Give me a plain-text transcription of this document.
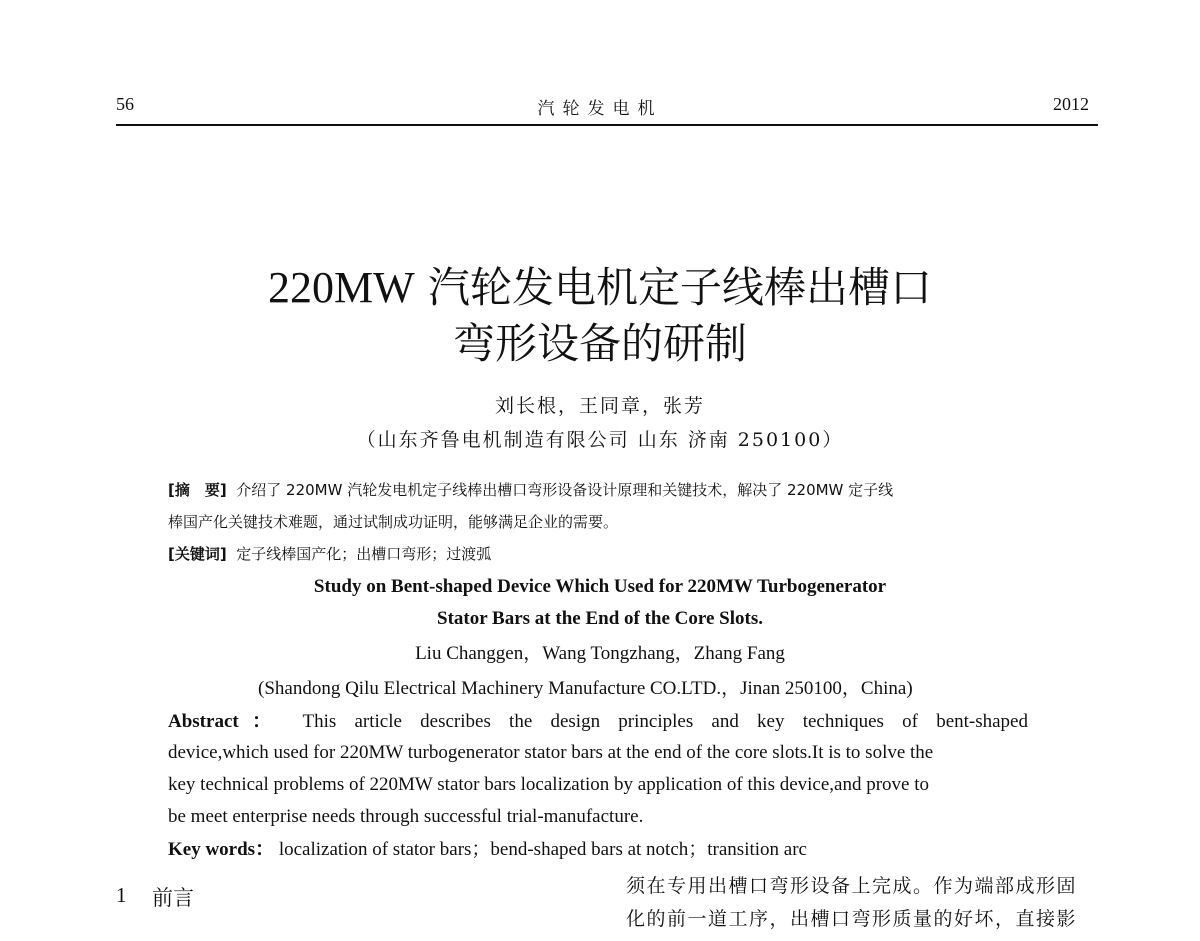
56	汽轮发电机	2012
220MW 汽轮发电机定子线棒出槽口
弯形设备的研制
刘长根，王同章，张芳
（山东齐鲁电机制造有限公司 山东 济南 250100）
[摘　要] 介绍了 220MW 汽轮发电机定子线棒出槽口弯形设备设计原理和关键技术，解决了 220MW 定子线
棒国产化关键技术难题，通过试制成功证明，能够满足企业的需要。
[关键词] 定子线棒国产化；出槽口弯形；过渡弧
Study on Bent-shaped Device Which Used for 220MW Turbogenerator
Stator Bars at the End of the Core Slots.
Liu Changgen，Wang Tongzhang，Zhang Fang
(Shandong Qilu Electrical Machinery Manufacture CO.LTD.，Jinan 250100，China)
Abstract： This article describes the design principles and key techniques of bent-shaped
device,which used for 220MW turbogenerator stator bars at the end of the core slots.It is to solve the
key technical problems of 220MW stator bars localization by application of this device,and prove to
be meet enterprise needs through successful trial-manufacture.
Key words： localization of stator bars；bend-shaped bars at notch；transition arc
1 前言	须在专用出槽口弯形设备上完成。作为端部成形固
化的前一道工序，出槽口弯形质量的好坏，直接影
